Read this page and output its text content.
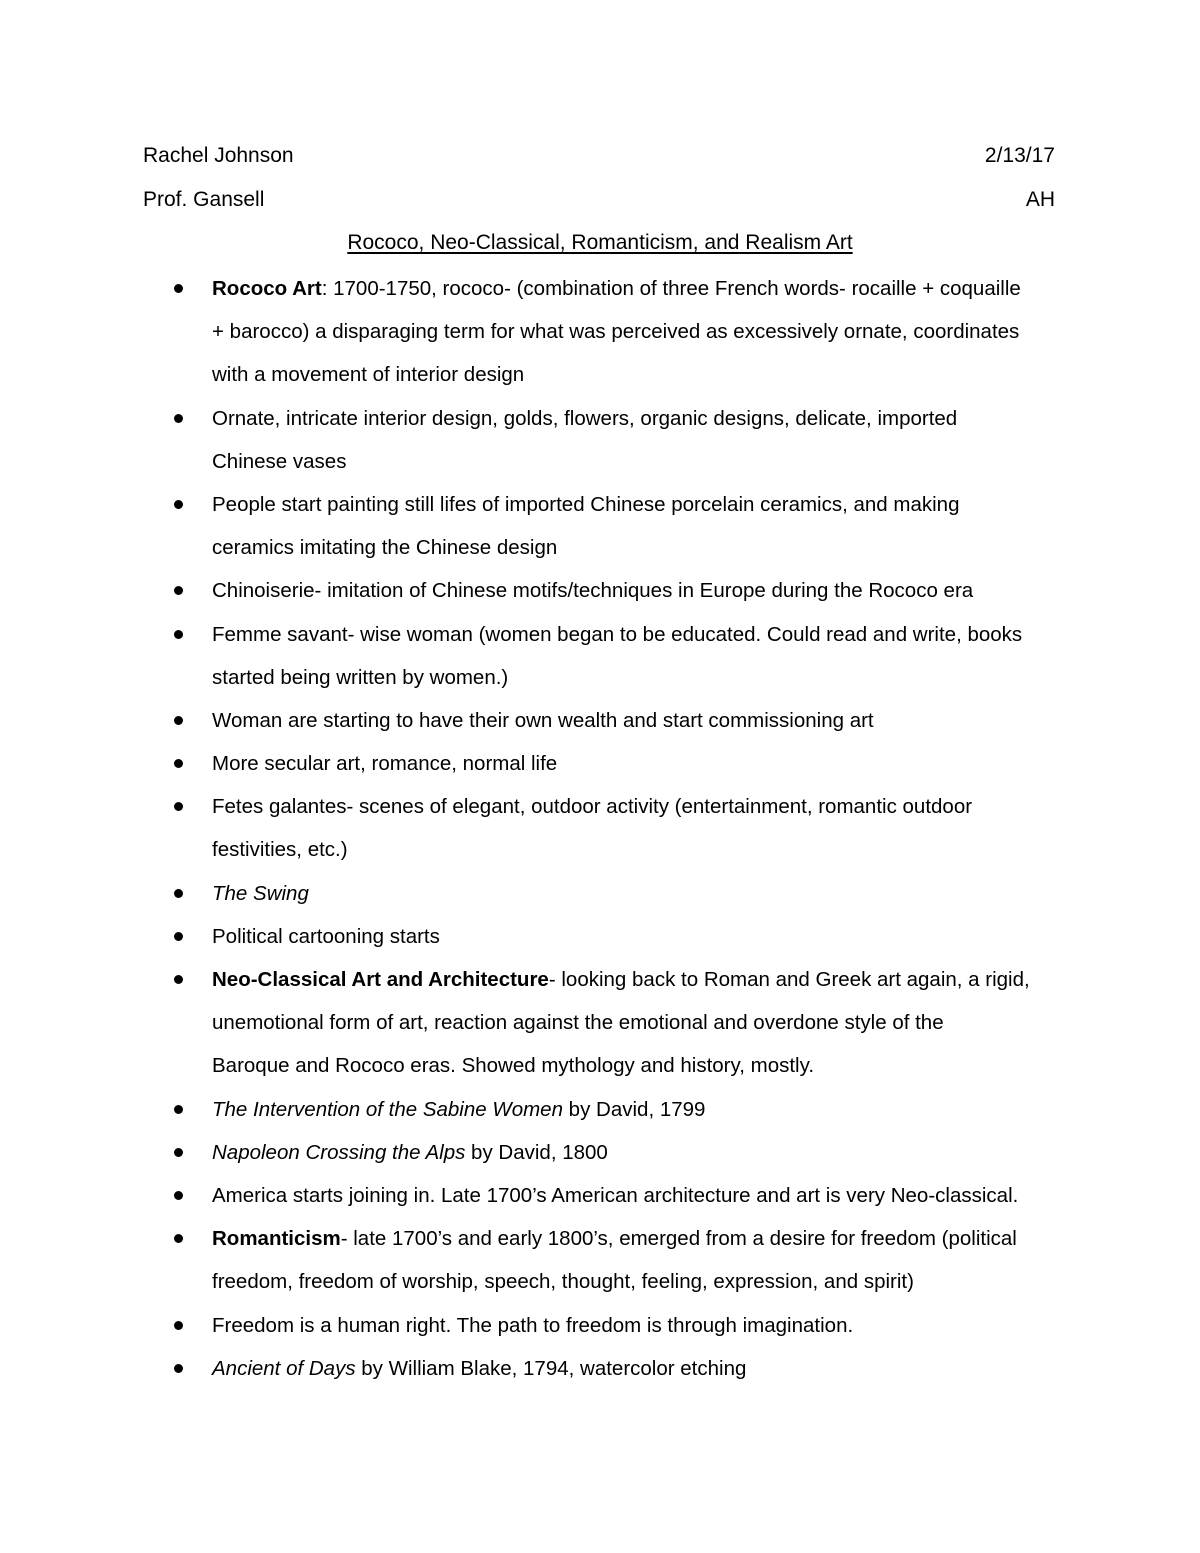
Rachel Johnson	2/13/17
Prof. Gansell	AH
Rococo, Neo-Classical, Romanticism, and Realism Art
Rococo Art: 1700-1750, rococo- (combination of three French words- rocaille + coquaille
+ barocco) a disparaging term for what was perceived as excessively ornate, coordinates
with a movement of interior design
Ornate, intricate interior design, golds, flowers, organic designs, delicate, imported
Chinese vases
People start painting still lifes of imported Chinese porcelain ceramics, and making
ceramics imitating the Chinese design
Chinoiserie- imitation of Chinese motifs/techniques in Europe during the Rococo era
Femme savant- wise woman (women began to be educated. Could read and write, books
started being written by women.)
Woman are starting to have their own wealth and start commissioning art
More secular art, romance, normal life
Fetes galantes- scenes of elegant, outdoor activity (entertainment, romantic outdoor
festivities, etc.)
The Swing
Political cartooning starts
Neo-Classical Art and Architecture- looking back to Roman and Greek art again, a rigid,
unemotional form of art, reaction against the emotional and overdone style of the
Baroque and Rococo eras. Showed mythology and history, mostly.
The Intervention of the Sabine Women by David, 1799
Napoleon Crossing the Alps by David, 1800
America starts joining in. Late 1700’s American architecture and art is very Neo-classical.
Romanticism- late 1700’s and early 1800’s, emerged from a desire for freedom (political
freedom, freedom of worship, speech, thought, feeling, expression, and spirit)
Freedom is a human right. The path to freedom is through imagination.
Ancient of Days by William Blake, 1794, watercolor etching
